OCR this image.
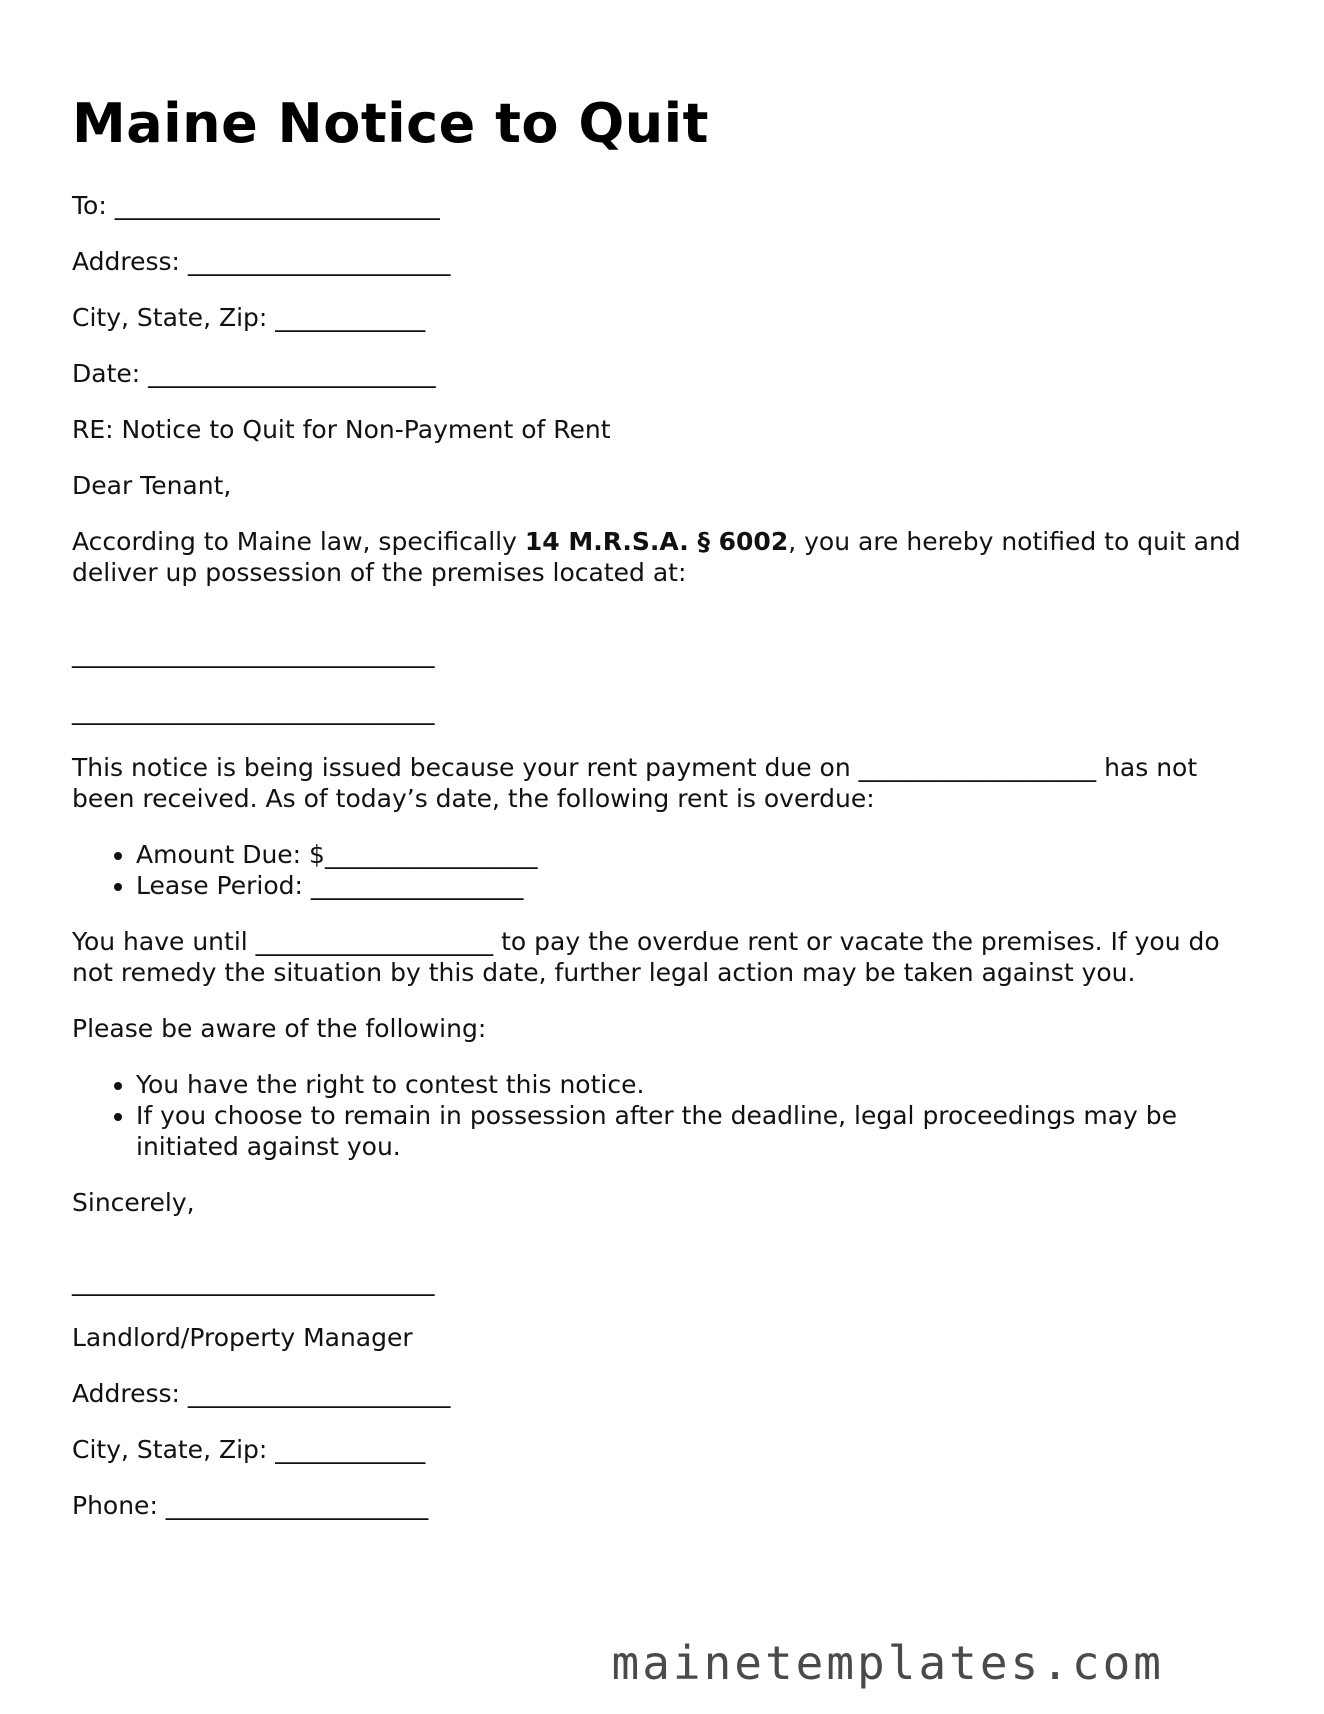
Maine Notice to Quit

To: __________________________

Address: _____________________

City, State, Zip: ____________

Date: _______________________

RE: Notice to Quit for Non-Payment of Rent

Dear Tenant,

According to Maine law, specifically 14 M.R.S.A. § 6002, you are hereby notified to quit and deliver up possession of the premises located at:

_____________________________

_____________________________

This notice is being issued because your rent payment due on ___________________ has not been received. As of today’s date, the following rent is overdue:

• Amount Due: $_________________
• Lease Period: _________________

You have until ___________________ to pay the overdue rent or vacate the premises. If you do not remedy the situation by this date, further legal action may be taken against you.

Please be aware of the following:

• You have the right to contest this notice.
• If you choose to remain in possession after the deadline, legal proceedings may be initiated against you.

Sincerely,

_____________________________

Landlord/Property Manager

Address: _____________________

City, State, Zip: ____________

Phone: _____________________

mainetemplates.com
